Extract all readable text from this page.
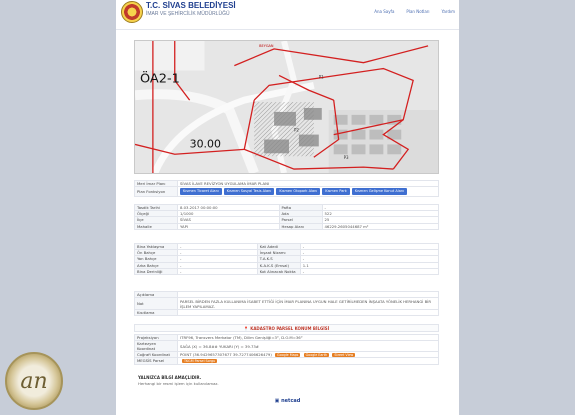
T.C. SİVAS BELEDİYESİ
İMAR VE ŞEHİRCİLİK MÜDÜRLÜĞÜ	Ana Sayfa	Plan Notları	Yardım
ÖA2-1
30.00
BEYGAN
P1
P2
P3
Meri İmar Planı	SİVAS İLAVE REVİZYON UYGULAMA İMAR PLANI
Plan Fonksiyon	Kısmen Ticaret Alanı Kısmen Sosyal Tesis Alanı Kısmen Otopark Alanı Kısmen Park Kısmen Gelişme Konut Alanı
Tasdik Tarihi	8.03.2017 00:00:00	Pafta	-
Ölçeği	1/1000	Ada	522
İlçe	SİVAS	Parsel	25
Mahalle	YAPI	Hesap Alanı	46229.2605044687 m²
Bina Yaklaşma	-	Kat Adedi	-
Ön Bahçe	-	İnşaat Nizamı	-
Yan Bahçe	-	T.A.K.S	-
Arka Bahçe	-	K.A.K.S (Emsal)	1.1
Bina Derinliği	-	Kot Alınacak Nokta	-
Açıklama	
Not	PARSEL BİRDEN FAZLA KULLANIMA İSABET ETTİĞİ İÇİN İMAR PLANINA UYGUN HALE GETİRİLMEDEN İNŞAATA YÖNELİK HERHANGİ BİR İŞLEM YAPILAMAZ.
Kısıtlama	
📍 KADASTRO PARSEL KONUM BİLGİSİ
Projeksiyon	ITRF96, Transvers Merkator (TM), Dilim Genişliği=3°, D.O.M=36°
Kartezyen Koordinat	SAĞA (X) = 36.8## YUKARI (Y) = 39.73#
Coğrafi Koordinat	POINT (36.9429657307677 39.7277406626479) Google Maps Google Earth Street View
MEGSİS Parsel	TKGM Parsel Sorgu
YALNIZCA BİLGİ AMAÇLIDIR.
Herhangi bir resmi işlem için kullanılamaz.
▣ netcad
an
